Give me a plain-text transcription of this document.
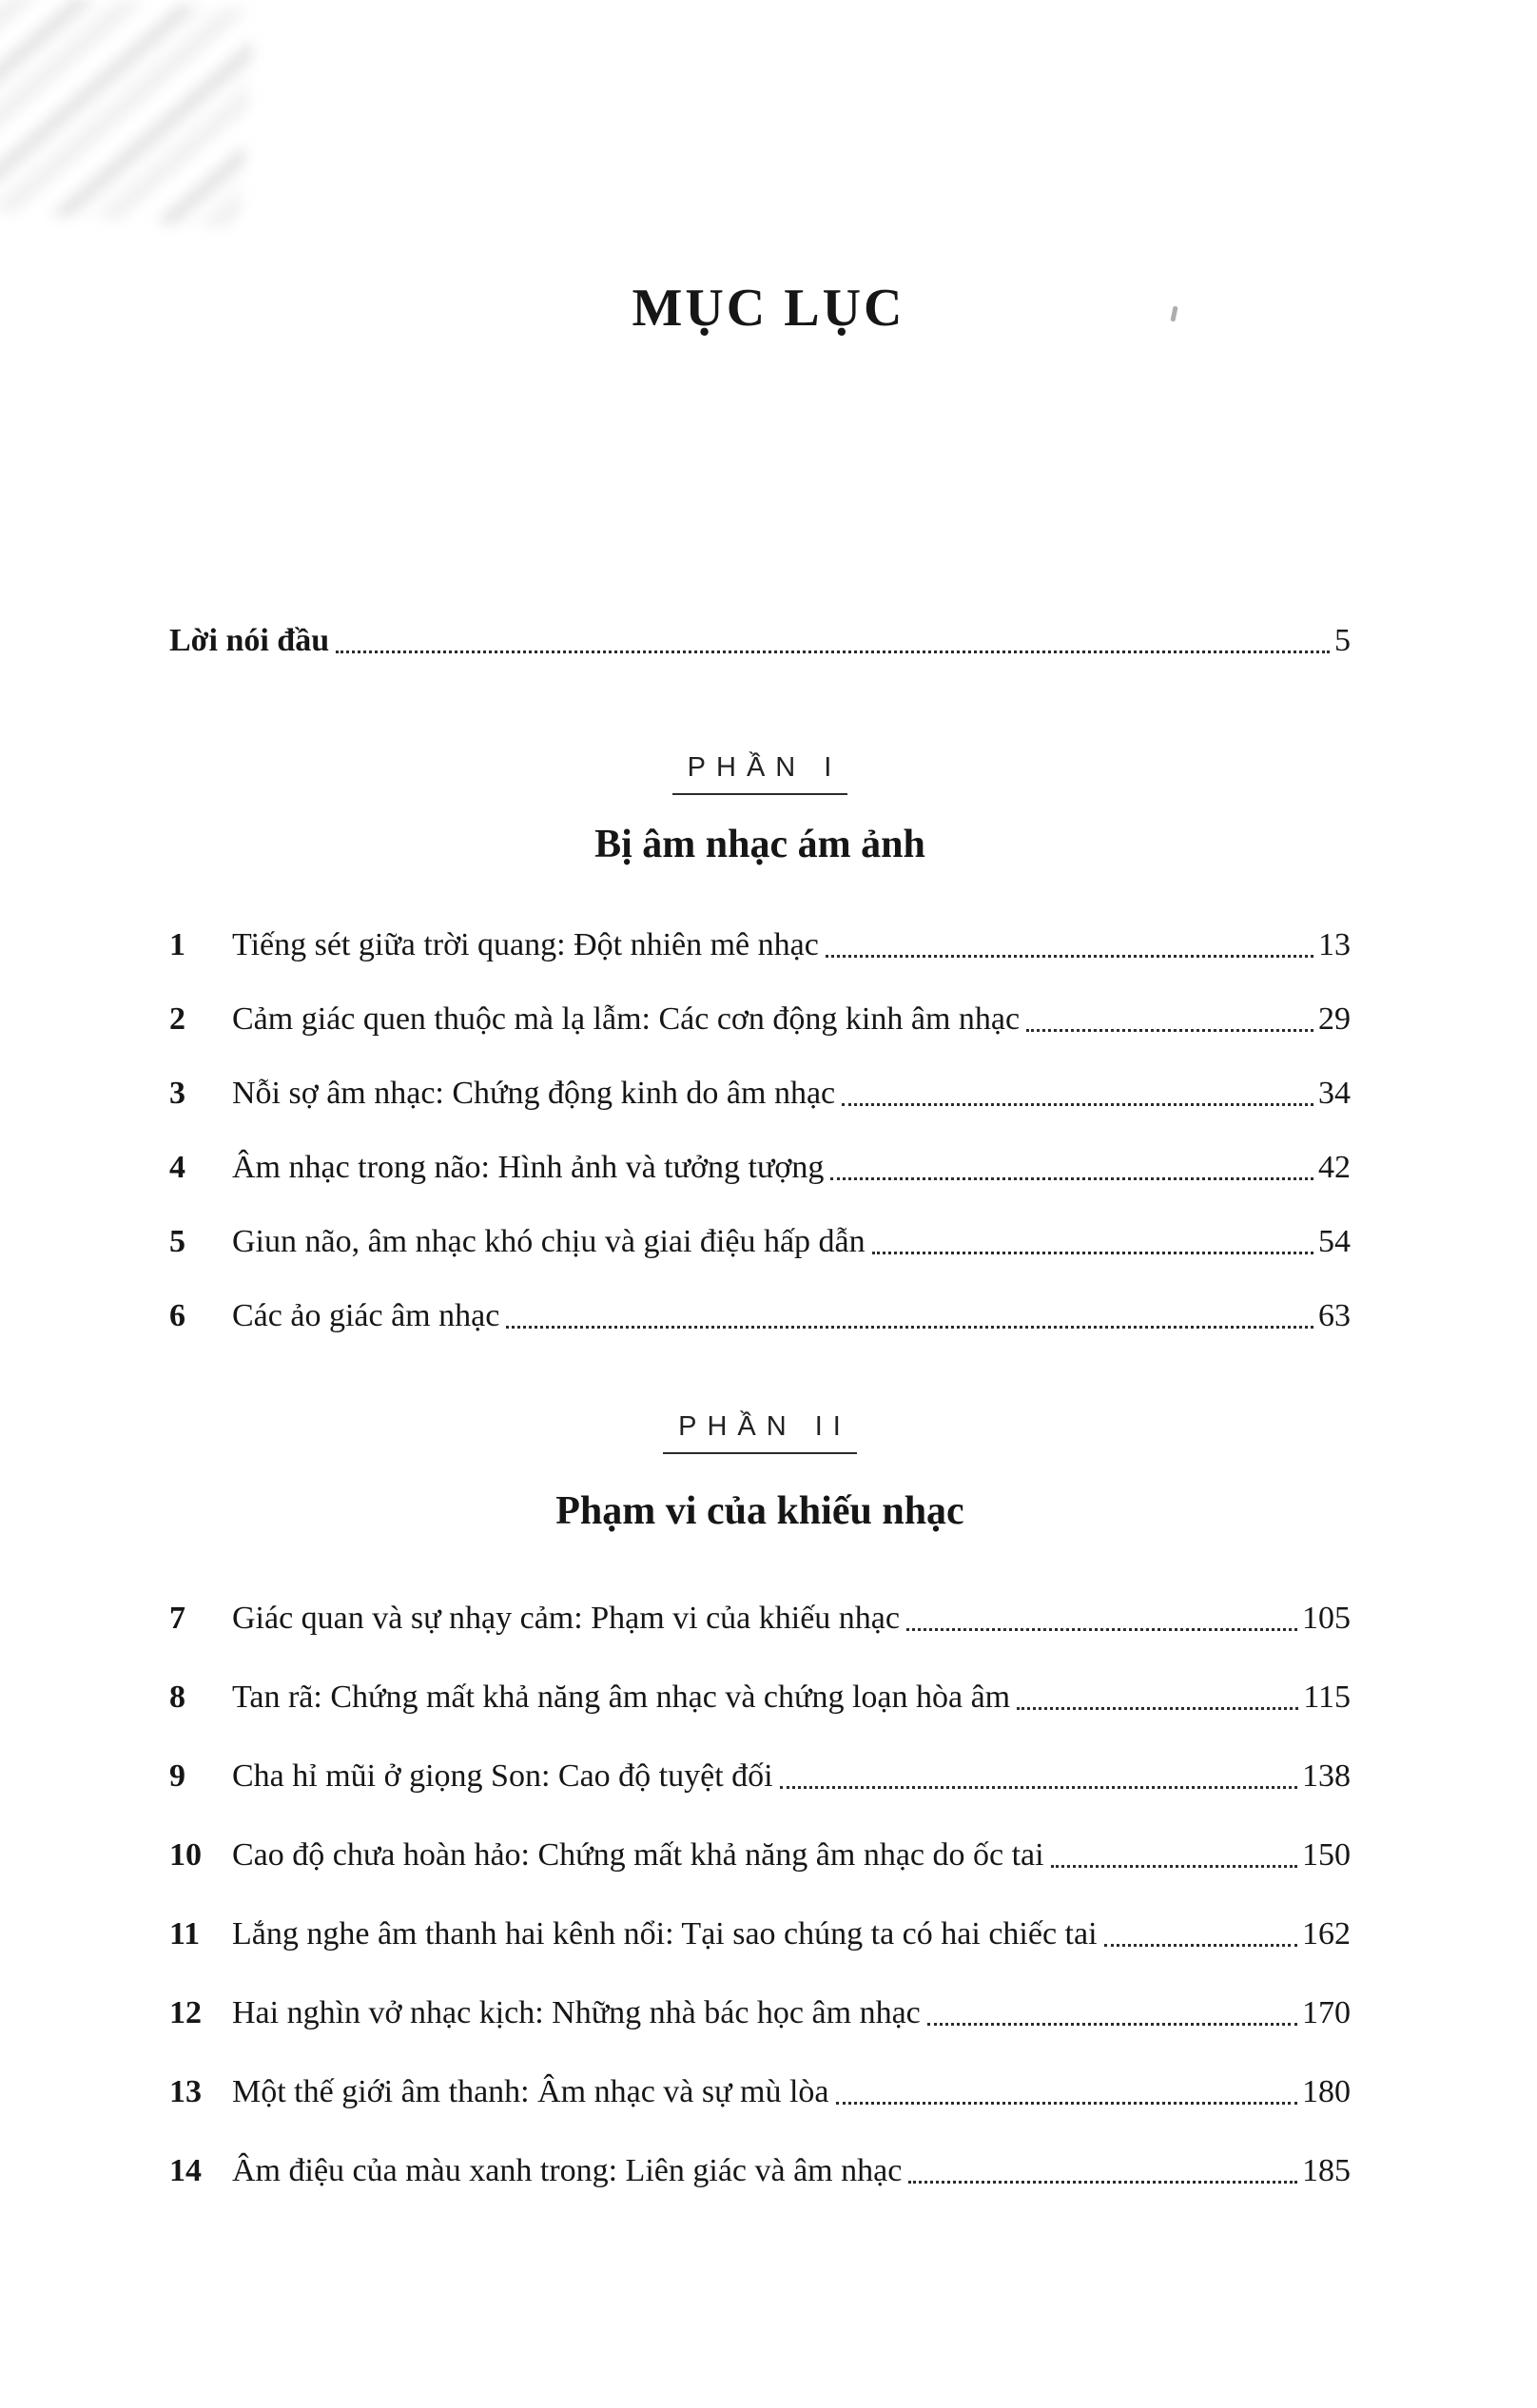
MỤC LỤC
Lời nói đầu	5
PHẦN I
Bị âm nhạc ám ảnh
1	Tiếng sét giữa trời quang: Đột nhiên mê nhạc	13
2	Cảm giác quen thuộc mà lạ lẫm: Các cơn động kinh âm nhạc	29
3	Nỗi sợ âm nhạc: Chứng động kinh do âm nhạc	34
4	Âm nhạc trong não: Hình ảnh và tưởng tượng	42
5	Giun não, âm nhạc khó chịu và giai điệu hấp dẫn	54
6	Các ảo giác âm nhạc	63
PHẦN II
Phạm vi của khiếu nhạc
7	Giác quan và sự nhạy cảm: Phạm vi của khiếu nhạc	105
8	Tan rã: Chứng mất khả năng âm nhạc và chứng loạn hòa âm	115
9	Cha hỉ mũi ở giọng Son: Cao độ tuyệt đối	138
10 Cao độ chưa hoàn hảo: Chứng mất khả năng âm nhạc do ốc tai	150
11 Lắng nghe âm thanh hai kênh nổi: Tại sao chúng ta có hai chiếc tai	162
12 Hai nghìn vở nhạc kịch: Những nhà bác học âm nhạc	170
13 Một thế giới âm thanh: Âm nhạc và sự mù lòa	180
14 Âm điệu của màu xanh trong: Liên giác và âm nhạc	185
